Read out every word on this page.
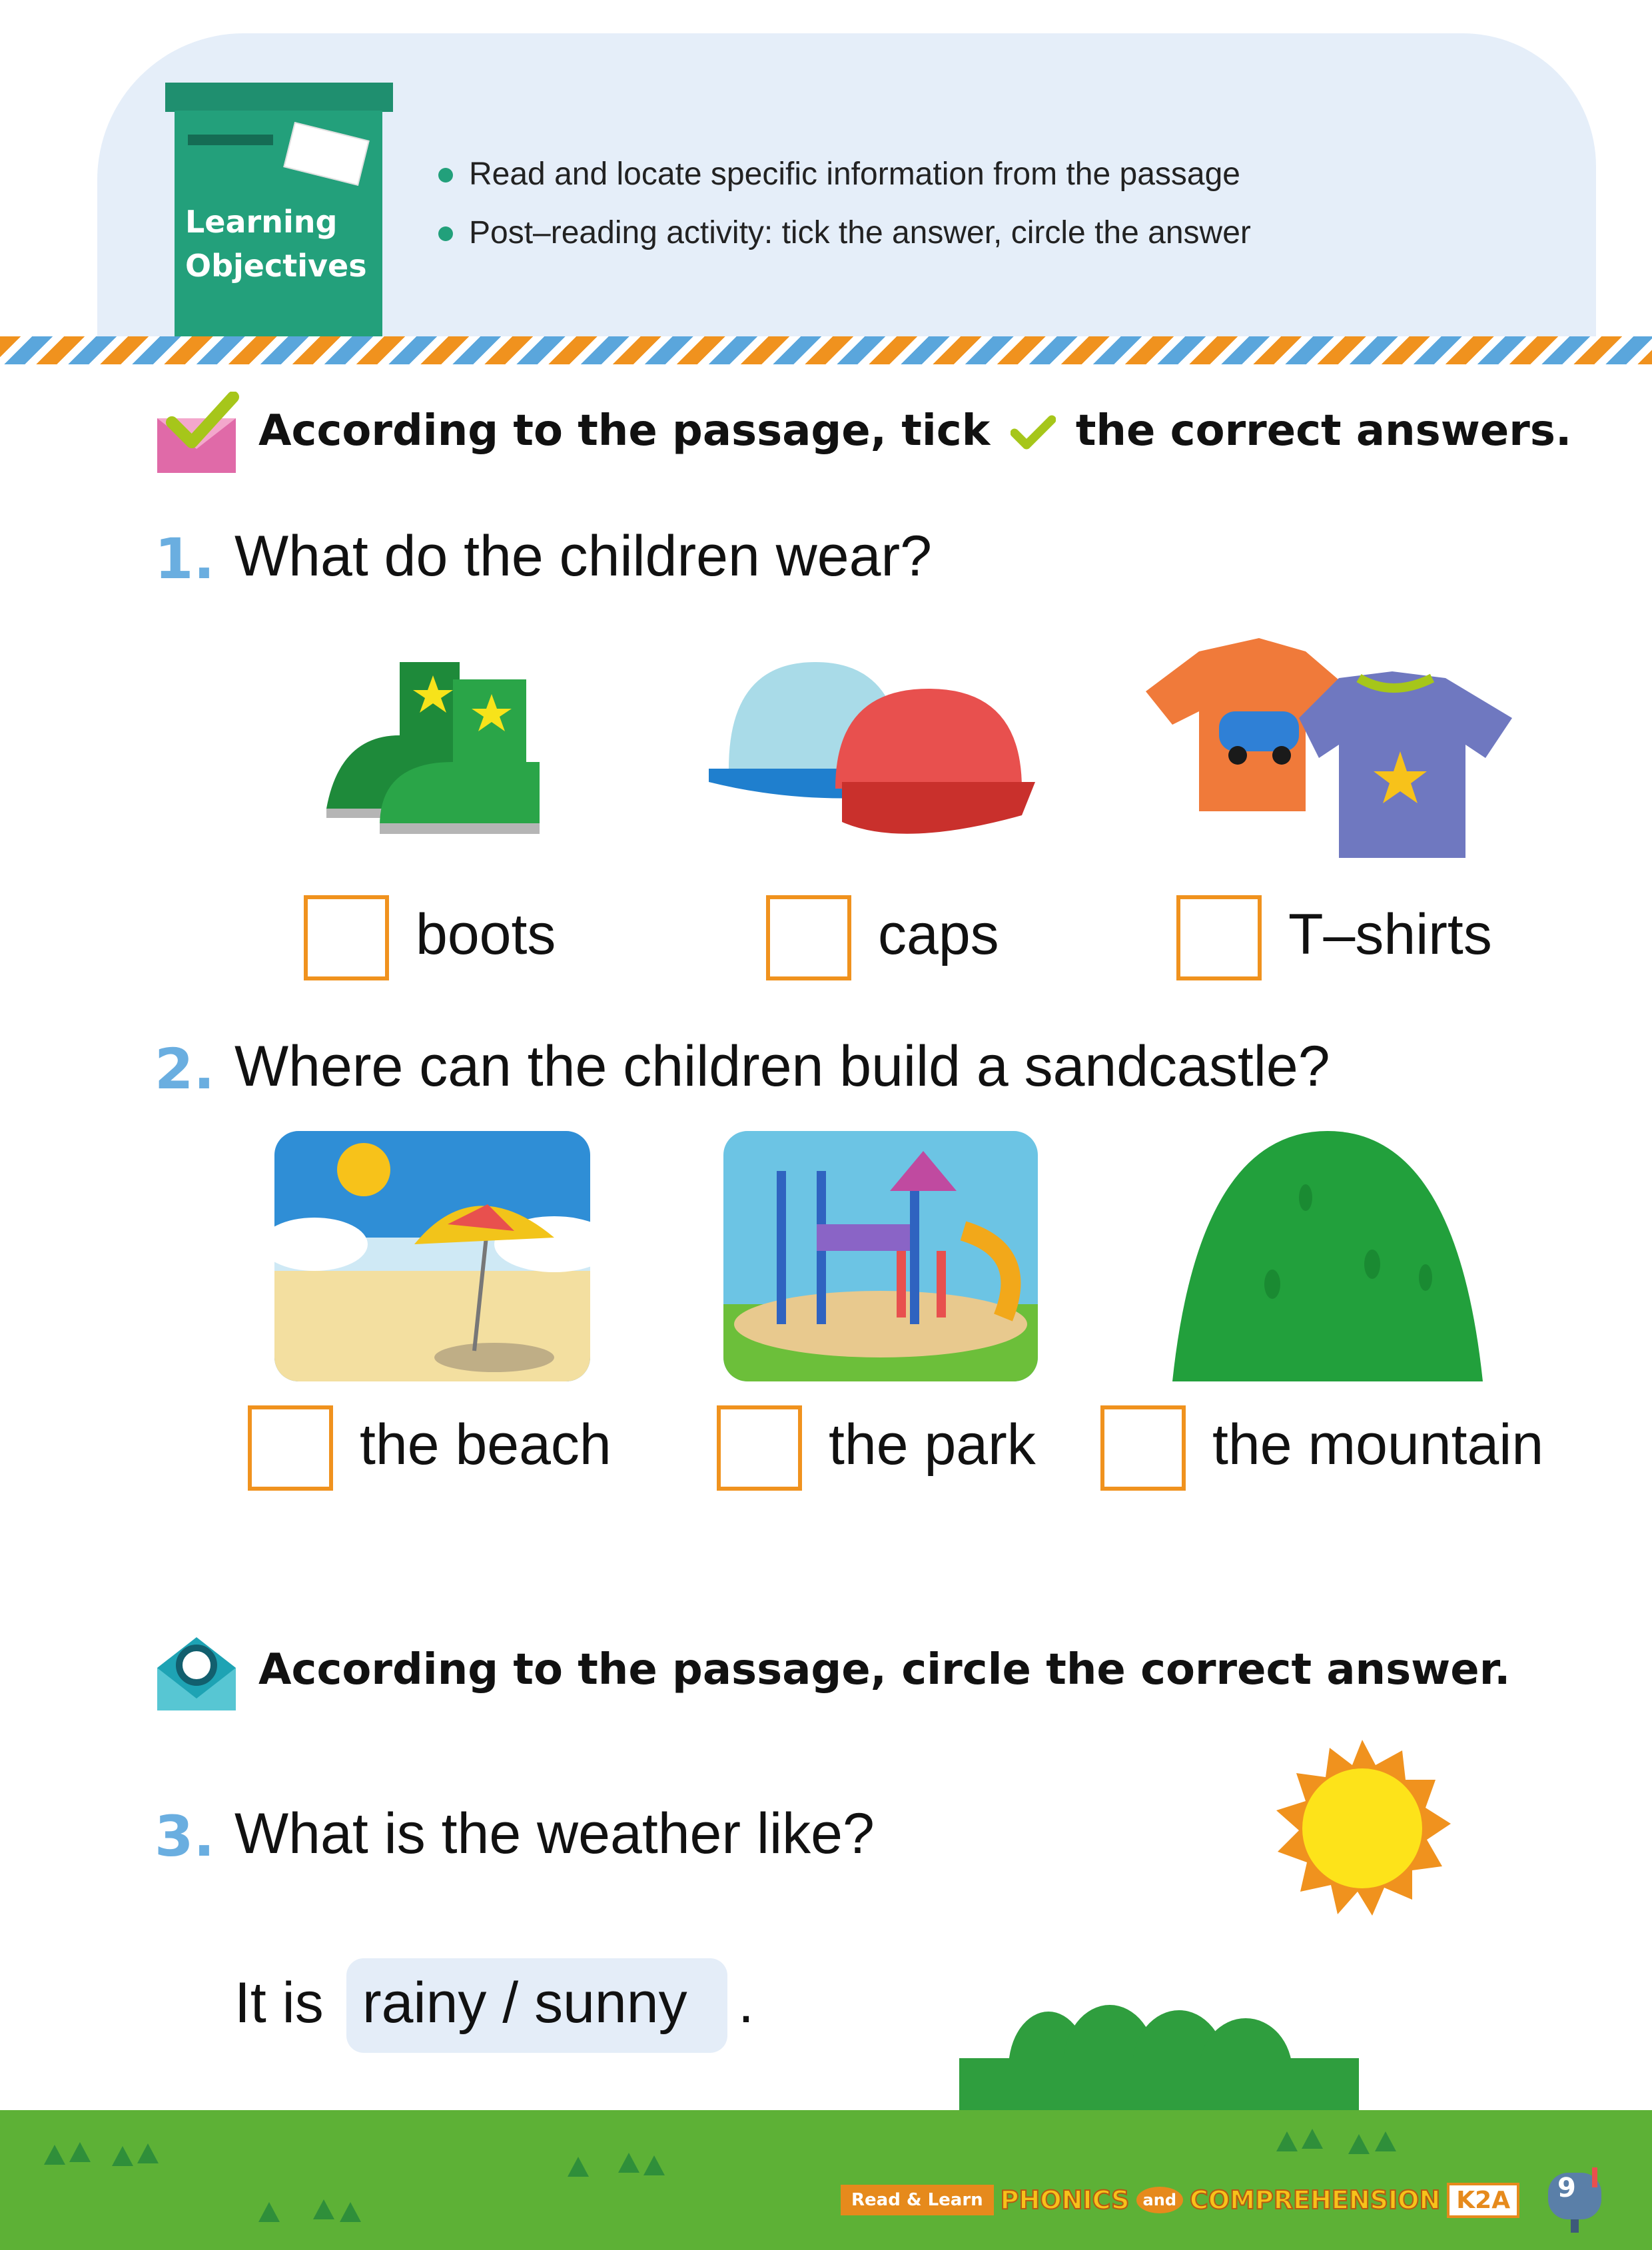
Learning
Objectives
Read and locate specific information from the passage
Post–reading activity: tick the answer, circle the answer
According to the passage, tick the correct answers.
1. What do the children wear?
boots	caps	T–shirts
2. Where can the children build a sandcastle?
the beach	the park	the mountain
According to the passage, circle the correct answer.
3. What is the weather like?
It is rainy / sunny .
Read & Learn PHONICS and COMPREHENSION K2A	9
